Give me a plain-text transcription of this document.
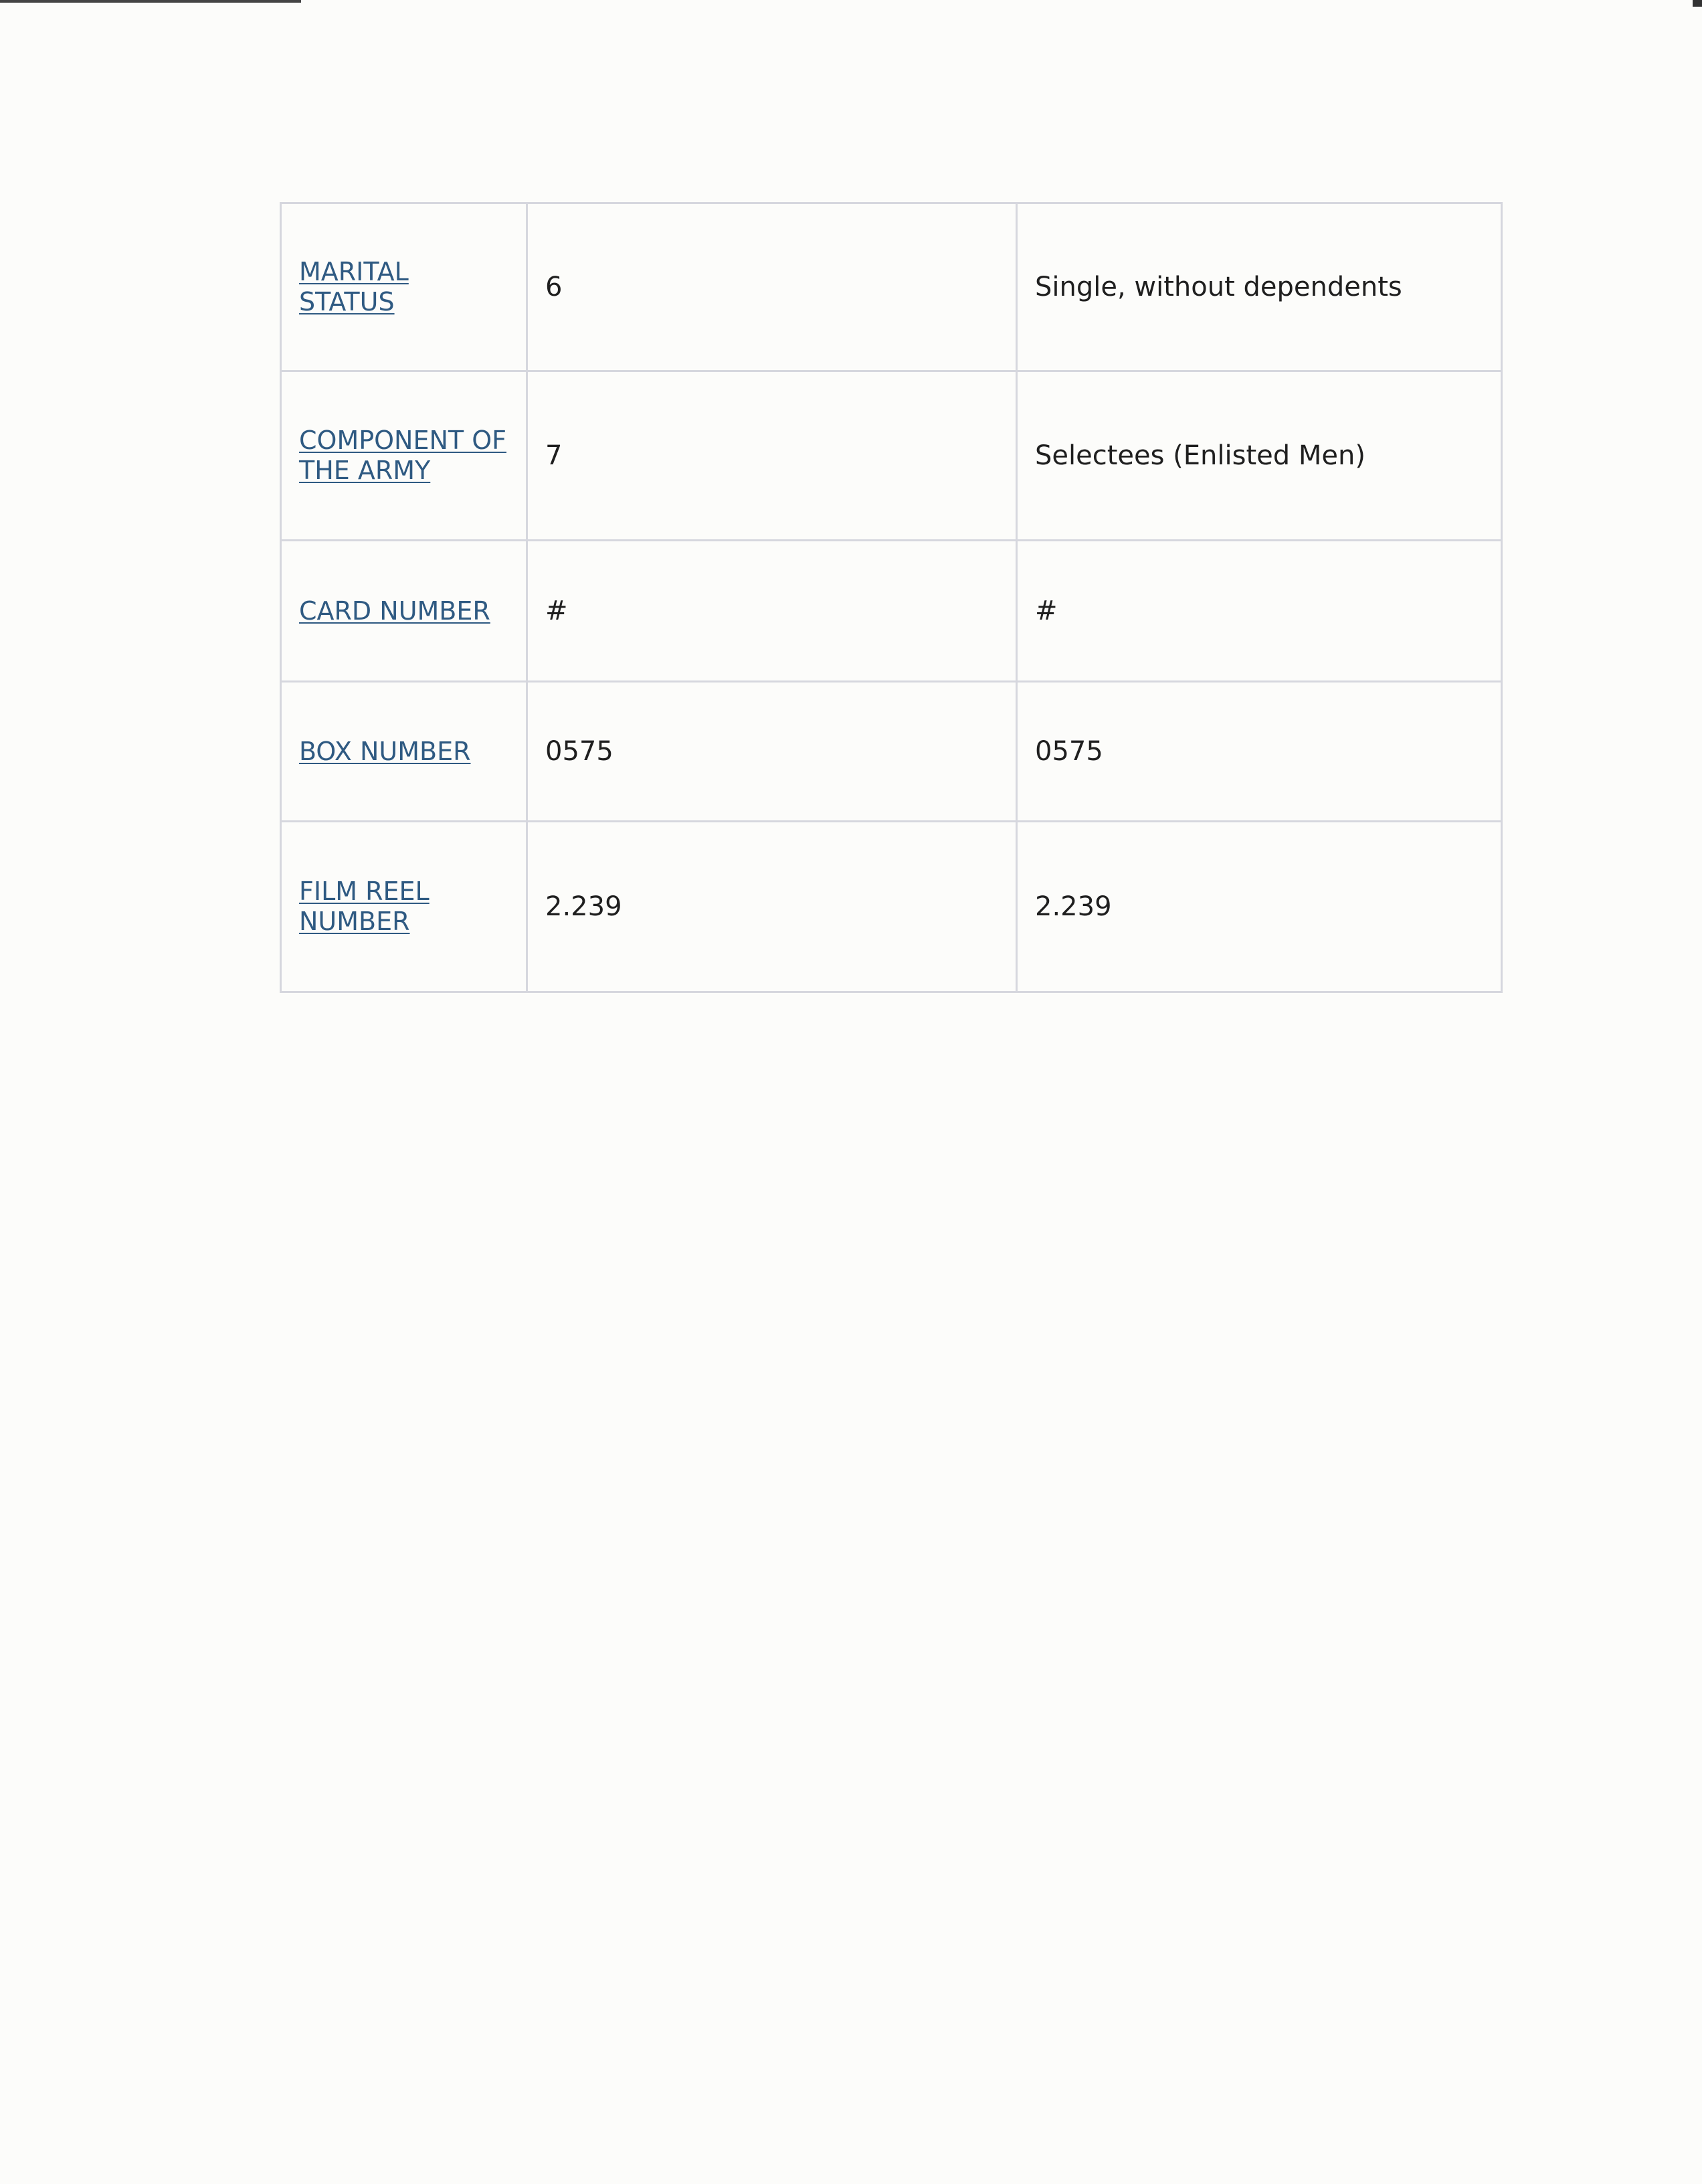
MARITAL
STATUS	6	Single, without dependents
COMPONENT OF
THE ARMY	7	Selectees (Enlisted Men)
CARD NUMBER	#	#
BOX NUMBER	0575	0575
FILM REEL
NUMBER	2.239	2.239
